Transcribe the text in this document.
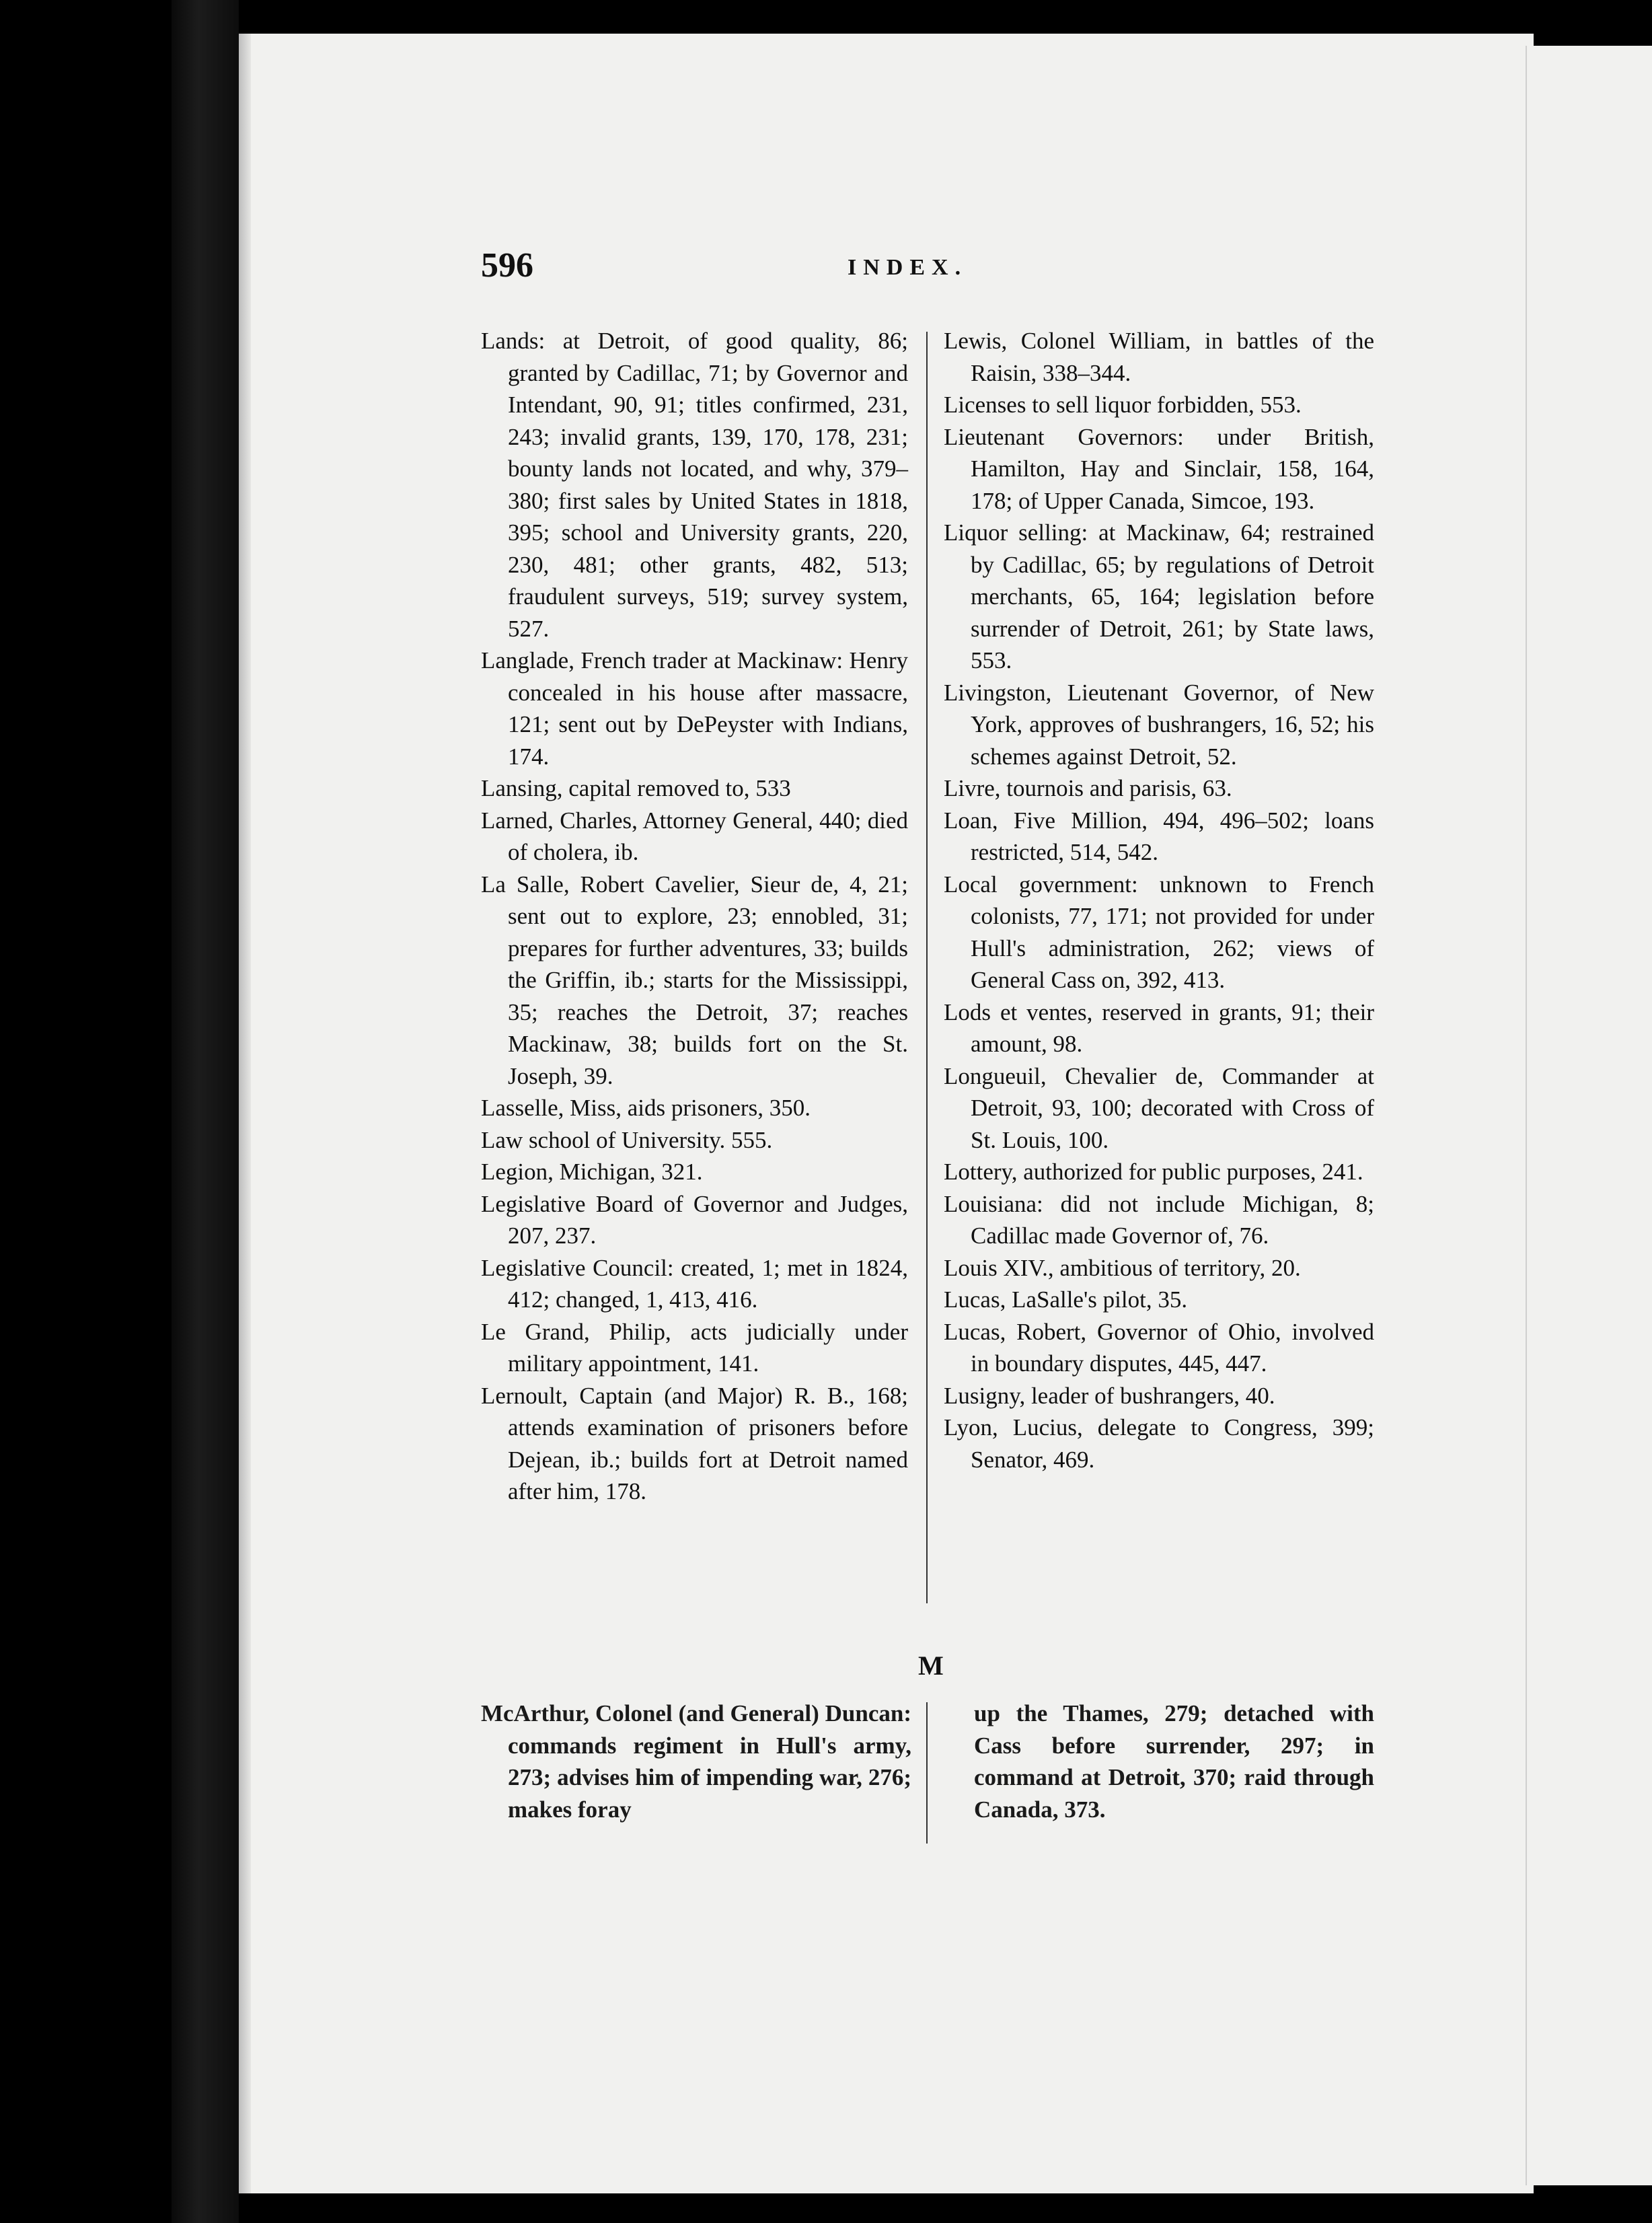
596	INDEX.
Lands: at Detroit, of good quality, 86; granted by Cadillac, 71; by Governor and Intendant, 90, 91; titles confirmed, 231, 243; invalid grants, 139, 170, 178, 231; bounty lands not located, and why, 379–380; first sales by United States in 1818, 395; school and University grants, 220, 230, 481; other grants, 482, 513; fraudulent surveys, 519; survey system, 527.
Langlade, French trader at Mackinaw: Henry concealed in his house after massacre, 121; sent out by DePeyster with Indians, 174.
Lansing, capital removed to, 533
Larned, Charles, Attorney General, 440; died of cholera, ib.
La Salle, Robert Cavelier, Sieur de, 4, 21; sent out to explore, 23; ennobled, 31; prepares for further adventures, 33; builds the Griffin, ib.; starts for the Mississippi, 35; reaches the Detroit, 37; reaches Mackinaw, 38; builds fort on the St. Joseph, 39.
Lasselle, Miss, aids prisoners, 350.
Law school of University. 555.
Legion, Michigan, 321.
Legislative Board of Governor and Judges, 207, 237.
Legislative Council: created, 1; met in 1824, 412; changed, 1, 413, 416.
Le Grand, Philip, acts judicially under military appointment, 141.
Lernoult, Captain (and Major) R. B., 168; attends examination of prisoners before Dejean, ib.; builds fort at Detroit named after him, 178.
Lewis, Colonel William, in battles of the Raisin, 338–344.
Licenses to sell liquor forbidden, 553.
Lieutenant Governors: under British, Hamilton, Hay and Sinclair, 158, 164, 178; of Upper Canada, Simcoe, 193.
Liquor selling: at Mackinaw, 64; restrained by Cadillac, 65; by regulations of Detroit merchants, 65, 164; legislation before surrender of Detroit, 261; by State laws, 553.
Livingston, Lieutenant Governor, of New York, approves of bushrangers, 16, 52; his schemes against Detroit, 52.
Livre, tournois and parisis, 63.
Loan, Five Million, 494, 496–502; loans restricted, 514, 542.
Local government: unknown to French colonists, 77, 171; not provided for under Hull's administration, 262; views of General Cass on, 392, 413.
Lods et ventes, reserved in grants, 91; their amount, 98.
Longueuil, Chevalier de, Commander at Detroit, 93, 100; decorated with Cross of St. Louis, 100.
Lottery, authorized for public purposes, 241.
Louisiana: did not include Michigan, 8; Cadillac made Governor of, 76.
Louis XIV., ambitious of territory, 20.
Lucas, LaSalle's pilot, 35.
Lucas, Robert, Governor of Ohio, involved in boundary disputes, 445, 447.
Lusigny, leader of bushrangers, 40.
Lyon, Lucius, delegate to Congress, 399; Senator, 469.
M
McArthur, Colonel (and General) Duncan: commands regiment in Hull's army, 273; advises him of impending war, 276; makes foray
up the Thames, 279; detached with Cass before surrender, 297; in command at Detroit, 370; raid through Canada, 373.
